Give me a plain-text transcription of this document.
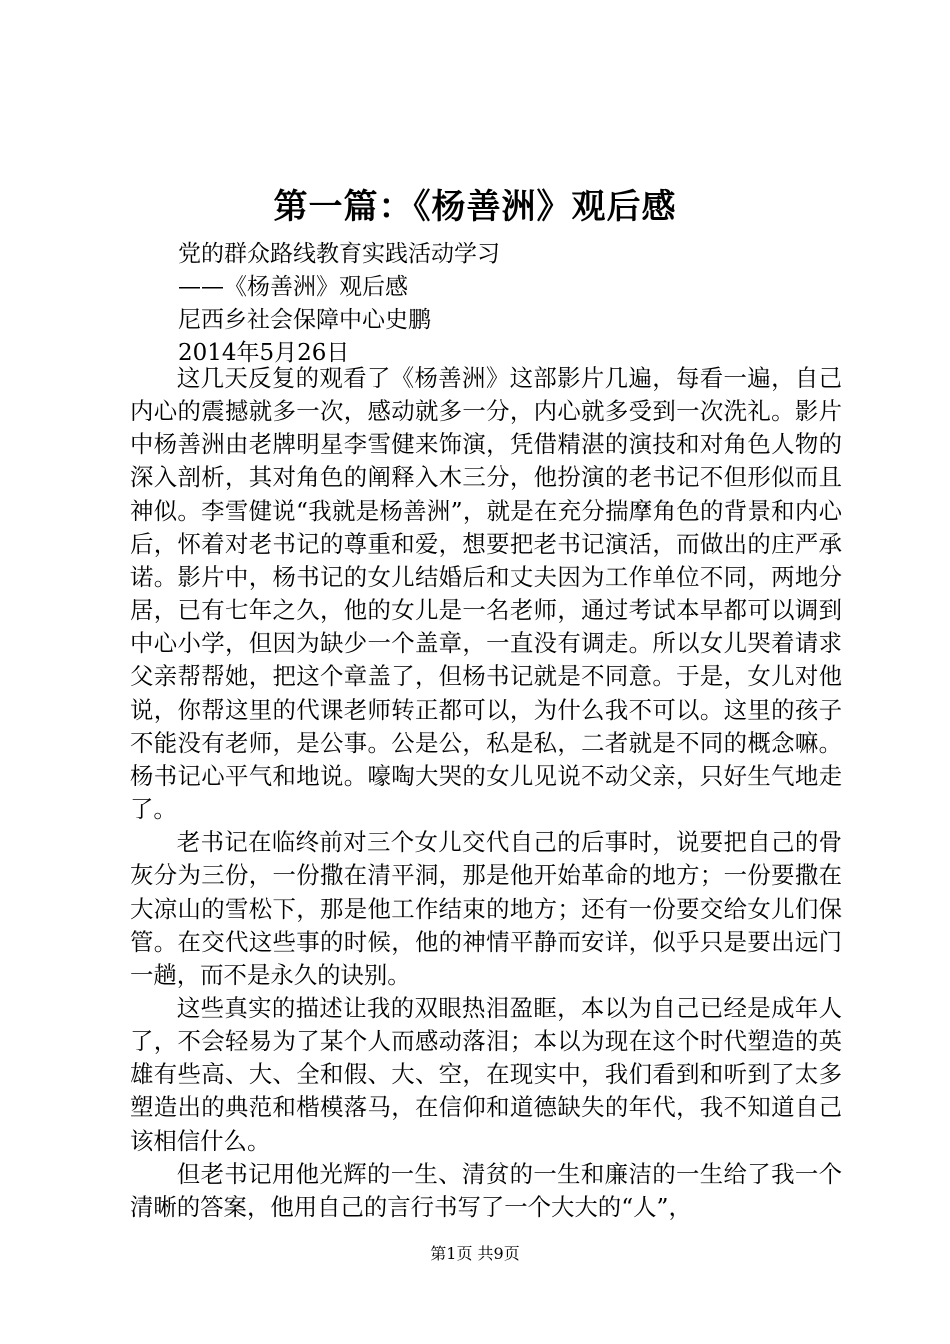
第一篇：《杨善洲》观后感
党的群众路线教育实践活动学习
——《杨善洲》观后感
尼西乡社会保障中心史鹏
2014年5月26日

这几天反复的观看了《杨善洲》这部影片几遍，每看一遍，自己内心的震撼就多一次，感动就多一分，内心就多受到一次洗礼。影片中杨善洲由老牌明星李雪健来饰演，凭借精湛的演技和对角色人物的深入剖析，其对角色的阐释入木三分，他扮演的老书记不但形似而且神似。李雪健说“我就是杨善洲”，就是在充分揣摩角色的背景和内心后，怀着对老书记的尊重和爱，想要把老书记演活，而做出的庄严承诺。影片中，杨书记的女儿结婚后和丈夫因为工作单位不同，两地分居，已有七年之久，他的女儿是一名老师，通过考试本早都可以调到中心小学，但因为缺少一个盖章，一直没有调走。所以女儿哭着请求父亲帮帮她，把这个章盖了，但杨书记就是不同意。于是，女儿对他说，你帮这里的代课老师转正都可以，为什么我不可以。这里的孩子不能没有老师，是公事。公是公，私是私，二者就是不同的概念嘛。杨书记心平气和地说。嚎啕大哭的女儿见说不动父亲，只好生气地走了。

老书记在临终前对三个女儿交代自己的后事时，说要把自己的骨灰分为三份，一份撒在清平洞，那是他开始革命的地方；一份要撒在大凉山的雪松下，那是他工作结束的地方；还有一份要交给女儿们保管。在交代这些事的时候，他的神情平静而安详，似乎只是要出远门一趟，而不是永久的诀别。

这些真实的描述让我的双眼热泪盈眶，本以为自己已经是成年人了，不会轻易为了某个人而感动落泪；本以为现在这个时代塑造的英雄有些高、大、全和假、大、空，在现实中，我们看到和听到了太多塑造出的典范和楷模落马，在信仰和道德缺失的年代，我不知道自己该相信什么。

但老书记用他光辉的一生、清贫的一生和廉洁的一生给了我一个清晰的答案，他用自己的言行书写了一个大大的“人”，

第1页 共9页
